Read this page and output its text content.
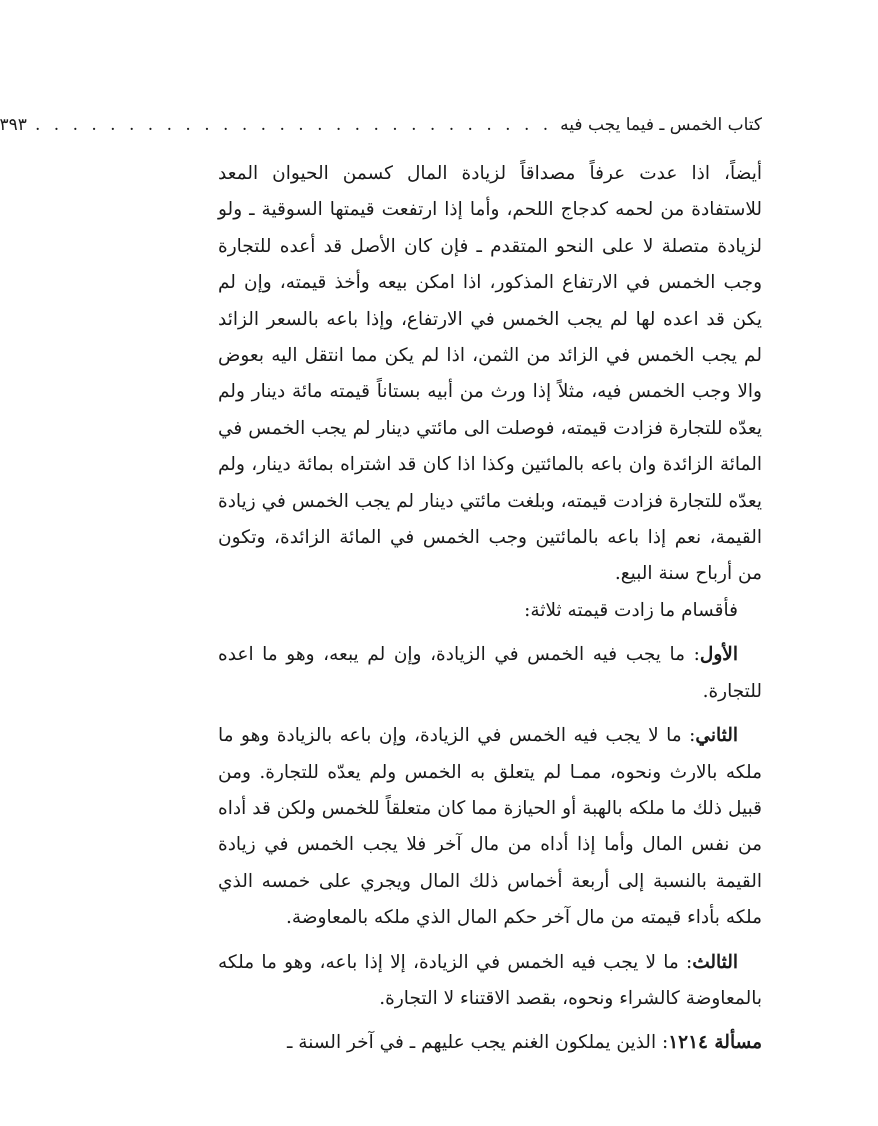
كتاب الخمس ـ فيما يجب فيه
. . . . . . . . . . . . . . . . . . . . . . . . . . . .
٣٩٣

أيضاً، اذا عدت عرفاً مصداقاً لزيادة المال كسمن الحيوان المعد للاستفادة من لحمه كدجاج اللحم، وأما إذا ارتفعت قيمتها السوقية ـ ولو لزيادة متصلة لا على النحو المتقدم ـ فإن كان الأصل قد أعده للتجارة وجب الخمس في الارتفاع المذكور، اذا امكن بيعه وأخذ قيمته، وإن لم يكن قد اعده لها لم يجب الخمس في الارتفاع، وإذا باعه بالسعر الزائد لم يجب الخمس في الزائد من الثمن، اذا لم يكن مما انتقل اليه بعوض والا وجب الخمس فيه، مثلاً إذا ورث من أبيه بستاناً قيمته مائة دينار ولم يعدّه للتجارة فزادت قيمته، فوصلت الى مائتي دينار لم يجب الخمس في المائة الزائدة وان باعه بالمائتين وكذا اذا كان قد اشتراه بمائة دينار، ولم يعدّه للتجارة فزادت قيمته، وبلغت مائتي دينار لم يجب الخمس في زيادة القيمة، نعم إذا باعه بالمائتين وجب الخمس في المائة الزائدة، وتكون من أرباح سنة البيع.

فأقسام ما زادت قيمته ثلاثة:

الأول: ما يجب فيه الخمس في الزيادة، وإن لم يبعه، وهو ما اعده للتجارة.

الثاني: ما لا يجب فيه الخمس في الزيادة، وإن باعه بالزيادة وهو ما ملكه بالارث ونحوه، ممـا لم يتعلق به الخمس ولم يعدّه للتجارة. ومن قبيل ذلك ما ملكه بالهبة أو الحيازة مما كان متعلقاً للخمس ولكن قد أداه من نفس المال وأما إذا أداه من مال آخر فلا يجب الخمس في زيادة القيمة بالنسبة إلى أربعة أخماس ذلك المال ويجري على خمسه الذي ملكه بأداء قيمته من مال آخر حكم المال الذي ملكه بالمعاوضة.

الثالث: ما لا يجب فيه الخمس في الزيادة، إلا إذا باعه، وهو ما ملكه بالمعاوضة كالشراء ونحوه، بقصد الاقتناء لا التجارة.

مسألة ١٢١٤: الذين يملكون الغنم يجب عليهم ـ في آخر السنة ـ
